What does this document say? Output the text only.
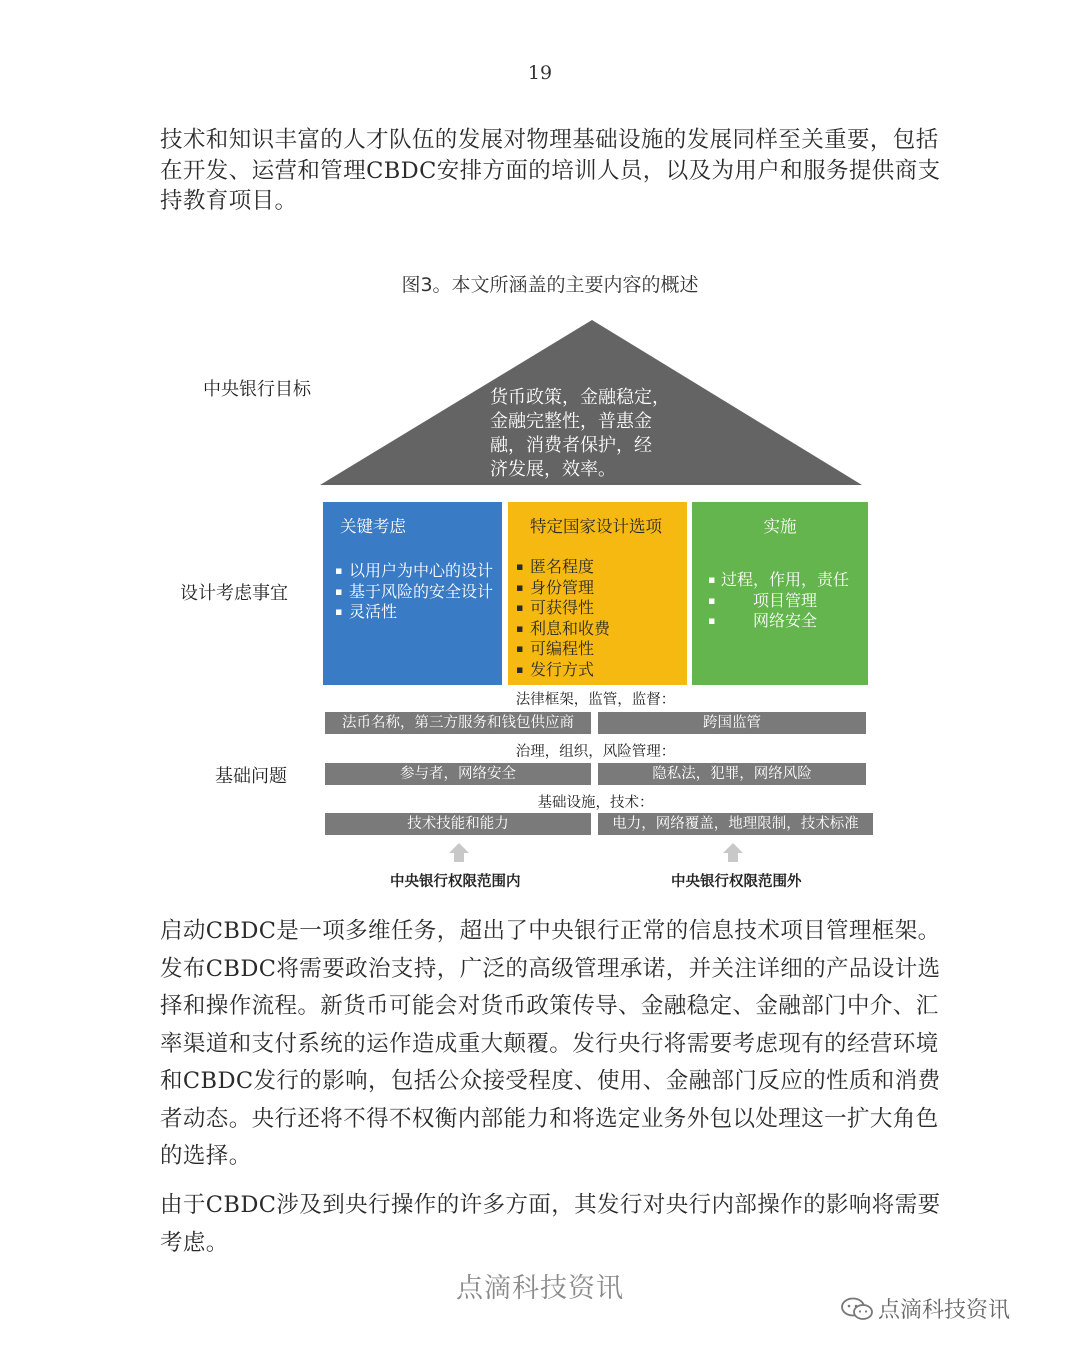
19

技术和知识丰富的人才队伍的发展对物理基础设施的发展同样至关重要，包括在开发、运营和管理CBDC安排方面的培训人员，以及为用户和服务提供商支持教育项目。

图3。本文所涵盖的主要内容的概述
货币政策，金融稳定，
金融完整性，普惠金
融，消费者保护，经
济发展，效率。
中央银行目标
设计考虑事宜
基础问题
关键考虑
▪ 以用户为中心的设计
▪ 基于风险的安全设计
▪ 灵活性
特定国家设计选项
▪ 匿名程度
▪ 身份管理
▪ 可获得性
▪ 利息和收费
▪ 可编程性
▪ 发行方式
实施
▪ 过程，作用，责任
▪ 项目管理
▪ 网络安全
法律框架，监管，监督：
法币名称，第三方服务和钱包供应商	跨国监管
治理，组织，风险管理：
参与者，网络安全	隐私法，犯罪，网络风险
基础设施，技术：
技术技能和能力	电力，网络覆盖，地理限制，技术标准
中央银行权限范围内	中央银行权限范围外

启动CBDC是一项多维任务，超出了中央银行正常的信息技术项目管理框架。发布CBDC将需要政治支持，广泛的高级管理承诺，并关注详细的产品设计选择和操作流程。新货币可能会对货币政策传导、金融稳定、金融部门中介、汇率渠道和支付系统的运作造成重大颠覆。发行央行将需要考虑现有的经营环境和CBDC发行的影响，包括公众接受程度、使用、金融部门反应的性质和消费者动态。央行还将不得不权衡内部能力和将选定业务外包以处理这一扩大角色的选择。

由于CBDC涉及到央行操作的许多方面，其发行对央行内部操作的影响将需要考虑。

点滴科技资讯
点滴科技资讯
